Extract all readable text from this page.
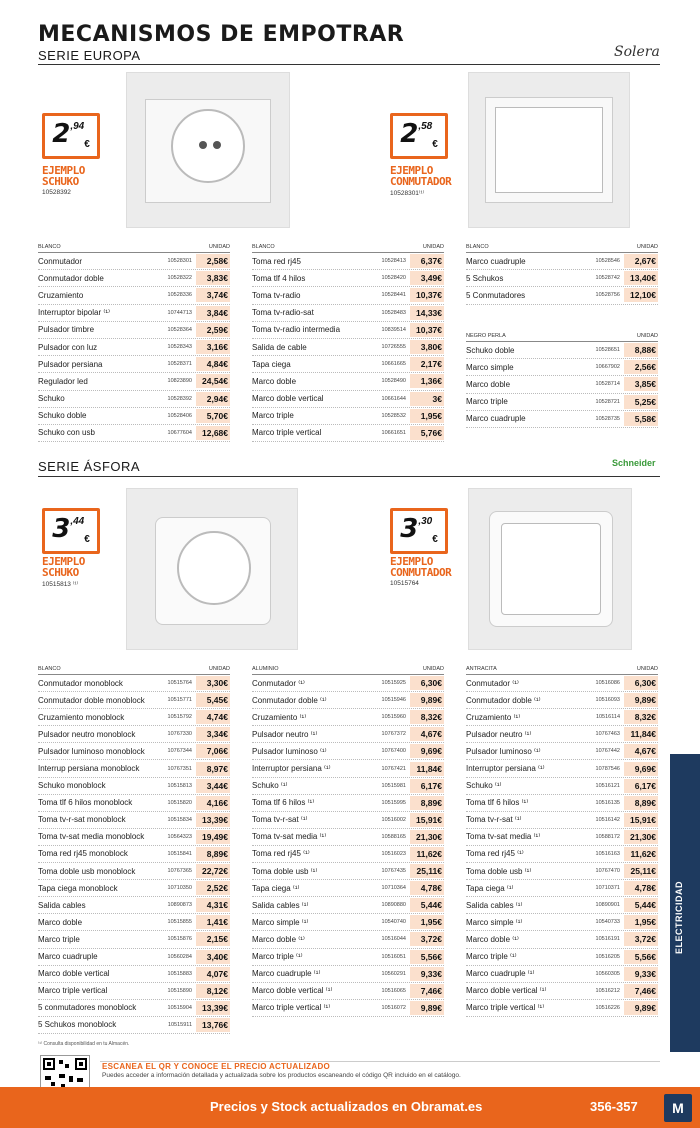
MECANISMOS DE EMPOTRAR
SERIE EUROPA	Solera
2 ,94
€
EJEMPLO
SCHUKO
10528392
2 ,58
€
EJEMPLO
CONMUTADOR
10528301⁽¹⁾
BLANCO	UNIDAD
Conmutador	10528301	2,58€
Conmutador doble	10528322	3,83€
Cruzamiento	10528336	3,74€
Interruptor bipolar ⁽¹⁾	10744713	3,84€
Pulsador timbre	10528364	2,59€
Pulsador con luz	10528343	3,16€
Pulsador persiana	10528371	4,84€
Regulador led	10823890	24,54€
Schuko	10528392	2,94€
Schuko doble	10528406	5,70€
Schuko con usb	10677604	12,68€
BLANCO	UNIDAD
Toma red rj45	10528413	6,37€
Toma tlf 4 hilos	10528420	3,49€
Toma tv-radio	10528441	10,37€
Toma tv-radio-sat	10528483	14,33€
Toma tv-radio intermedia	10839514	10,37€
Salida de cable	10726555	3,80€
Tapa ciega	10661665	2,17€
Marco doble	10528490	1,36€
Marco doble vertical	10661644	3€
Marco triple	10528532	1,95€
Marco triple vertical	10661651	5,76€
BLANCO	UNIDAD
Marco cuadruple	10528546	2,67€
5 Schukos	10528742	13,40€
5 Conmutadores	10528756	12,10€
NEGRO PERLA	UNIDAD
Schuko doble	10528651	8,88€
Marco simple	10667902	2,56€
Marco doble	10528714	3,85€
Marco triple	10528721	5,25€
Marco cuadruple	10528735	5,58€
SERIE ÁSFORA	Schneider
3 ,44
€
EJEMPLO
SCHUKO
10515813 ⁽¹⁾
3 ,30
€
EJEMPLO
CONMUTADOR
10515764
BLANCO	UNIDAD
Conmutador monoblock	10515764	3,30€
Conmutador doble monoblock	10515771	5,45€
Cruzamiento monoblock	10515792	4,74€
Pulsador neutro monoblock	10767330	3,34€
Pulsador luminoso monoblock	10767344	7,06€
Interrup persiana monoblock	10767351	8,97€
Schuko monoblock	10515813	3,44€
Toma tlf 6 hilos monoblock	10515820	4,16€
Toma tv-r-sat monoblock	10515834	13,39€
Toma tv-sat media monoblock	10564323	19,49€
Toma red rj45 monoblock	10515841	8,89€
Toma doble usb monoblock	10767365	22,72€
Tapa ciega monoblock	10710350	2,52€
Salida cables	10890873	4,31€
Marco doble	10515855	1,41€
Marco triple	10515876	2,15€
Marco cuadruple	10560284	3,40€
Marco doble vertical	10515883	4,07€
Marco triple vertical	10515890	8,12€
5 conmutadores monoblock	10515904	13,39€
5 Schukos monoblock	10515911	13,76€
ALUMINIO	UNIDAD
Conmutador ⁽¹⁾	10515925	6,30€
Conmutador doble ⁽¹⁾	10515946	9,89€
Cruzamiento ⁽¹⁾	10515960	8,32€
Pulsador neutro ⁽¹⁾	10767372	4,67€
Pulsador luminoso ⁽¹⁾	10767400	9,69€
Interruptor persiana ⁽¹⁾	10767421	11,84€
Schuko ⁽¹⁾	10515981	6,17€
Toma tlf 6 hilos ⁽¹⁾	10515995	8,89€
Toma tv-r-sat ⁽¹⁾	10516002	15,91€
Toma tv-sat media ⁽¹⁾	10588165	21,30€
Toma red rj45 ⁽¹⁾	10516023	11,62€
Toma doble usb ⁽¹⁾	10767435	25,11€
Tapa ciega ⁽¹⁾	10710364	4,78€
Salida cables ⁽¹⁾	10890880	5,44€
Marco simple ⁽¹⁾	10540740	1,95€
Marco doble ⁽¹⁾	10516044	3,72€
Marco triple ⁽¹⁾	10516051	5,56€
Marco cuadruple ⁽¹⁾	10560291	9,33€
Marco doble vertical ⁽¹⁾	10516065	7,46€
Marco triple vertical ⁽¹⁾	10516072	9,89€
ANTRACITA	UNIDAD
Conmutador ⁽¹⁾	10516086	6,30€
Conmutador doble ⁽¹⁾	10516093	9,89€
Cruzamiento ⁽¹⁾	10516114	8,32€
Pulsador neutro ⁽¹⁾	10767463	11,84€
Pulsador luminoso ⁽¹⁾	10767442	4,67€
Interruptor persiana ⁽¹⁾	10787546	9,69€
Schuko ⁽¹⁾	10516121	6,17€
Toma tlf 6 hilos ⁽¹⁾	10516135	8,89€
Toma tv-r-sat ⁽¹⁾	10516142	15,91€
Toma tv-sat media ⁽¹⁾	10588172	21,30€
Toma red rj45 ⁽¹⁾	10516163	11,62€
Toma doble usb ⁽¹⁾	10767470	25,11€
Tapa ciega ⁽¹⁾	10710371	4,78€
Salida cables ⁽¹⁾	10890901	5,44€
Marco simple ⁽¹⁾	10540733	1,95€
Marco doble ⁽¹⁾	10516191	3,72€
Marco triple ⁽¹⁾	10516205	5,56€
Marco cuadruple ⁽¹⁾	10560305	9,33€
Marco doble vertical ⁽¹⁾	10516212	7,46€
Marco triple vertical ⁽¹⁾	10516226	9,89€
ELECTRICIDAD
⁽¹⁾ Consulta disponibilidad en tu Almacén.
ESCANEA EL QR Y CONOCE EL PRECIO ACTUALIZADO
Puedes acceder a información detallada y actualizada sobre los productos escaneando el código QR incluido en el catálogo.
Precios y Stock actualizados en Obramat.es	356-357	M
